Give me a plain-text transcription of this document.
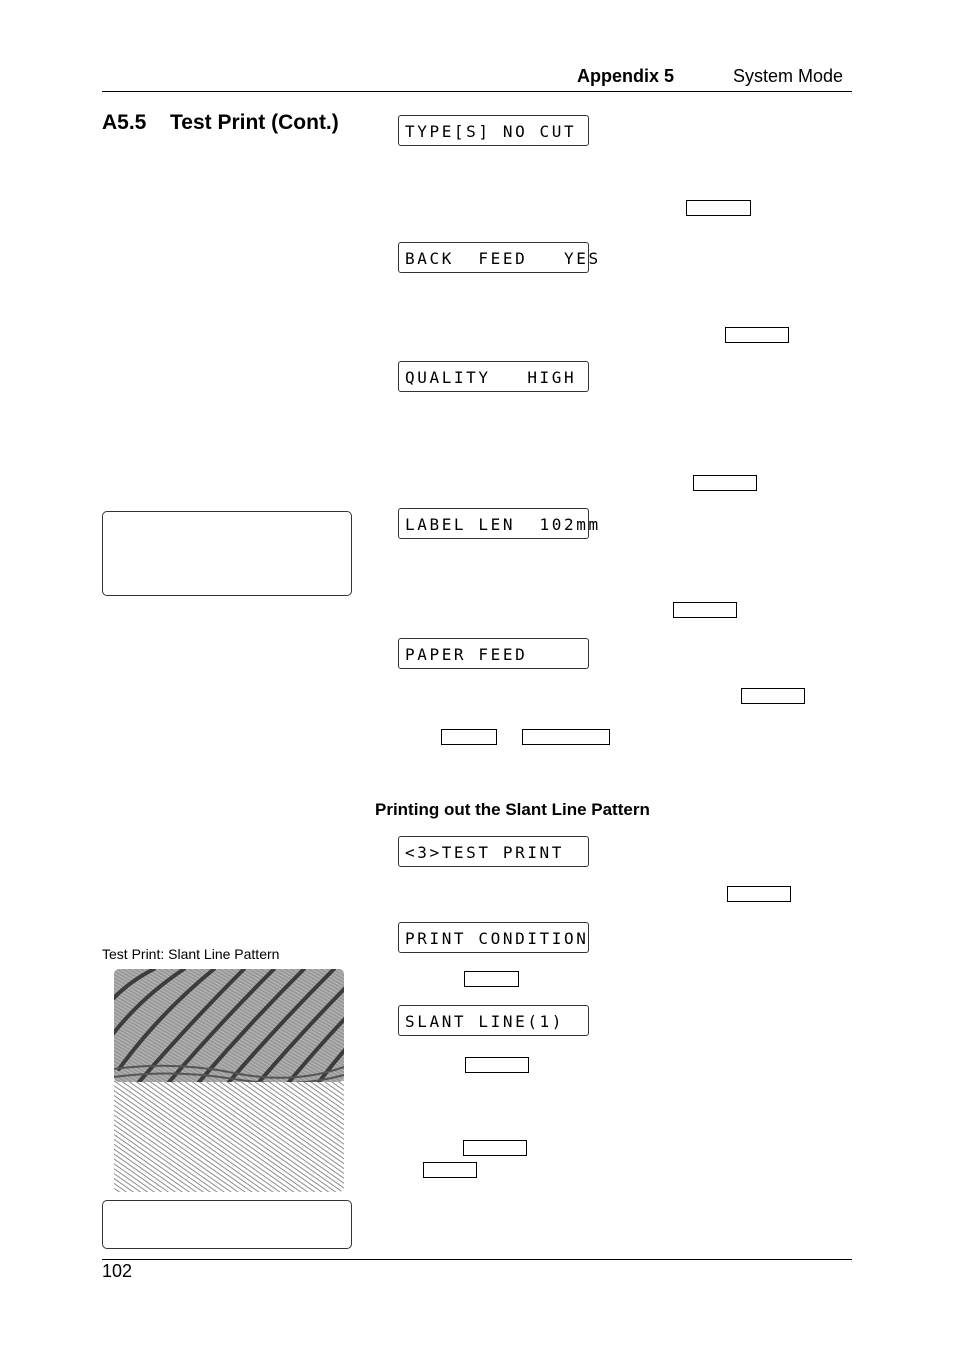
Appendix 5	System Mode
A5.5 Test Print (Cont.)	TYPE[S] NO CUT
BACK  FEED   YES
QUALITY   HIGH
LABEL LEN  102mm
PAPER FEED
<3>TEST PRINT
PRINT CONDITION
SLANT LINE(1)
Printing out the Slant Line Pattern
Test Print: Slant Line Pattern
102
